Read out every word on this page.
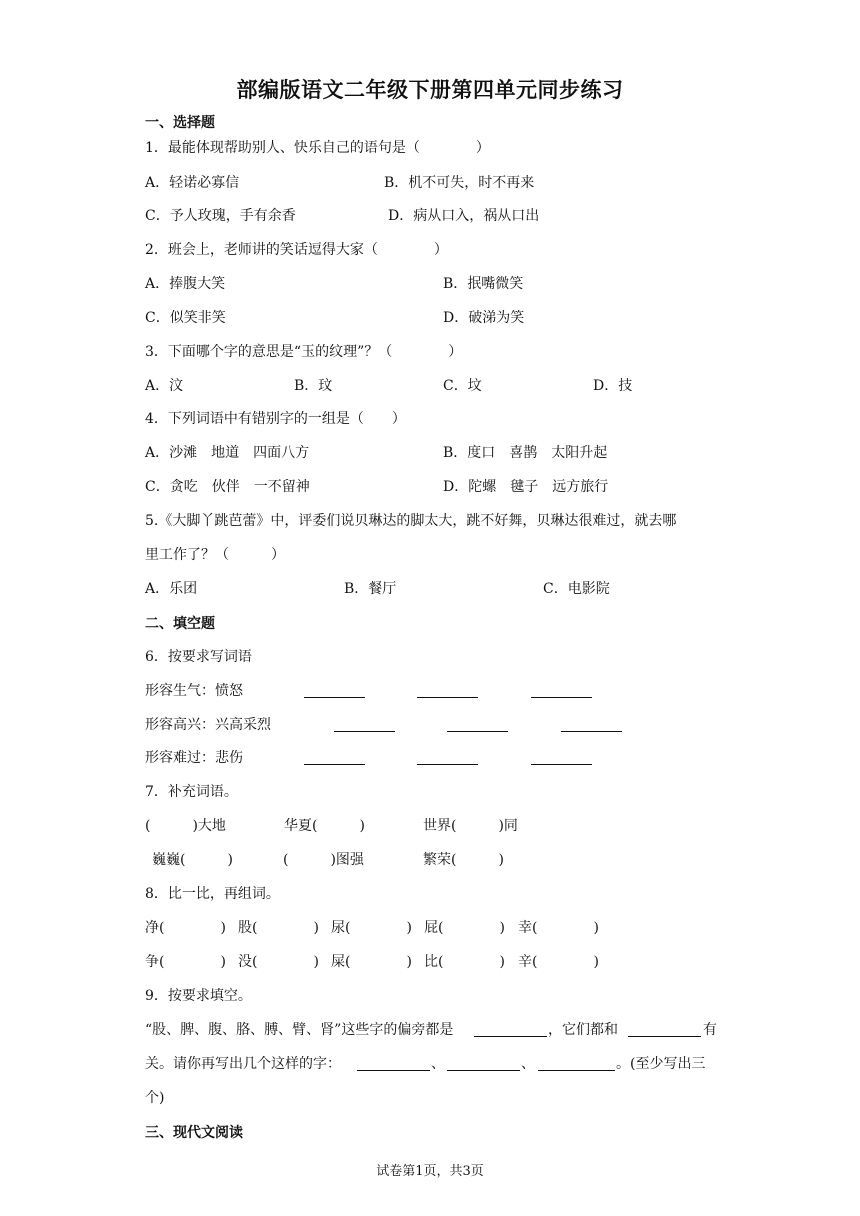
部编版语文二年级下册第四单元同步练习
一、选择题
1．最能体现帮助别人、快乐自己的语句是（　　　　）
A．轻诺必寡信	B．机不可失，时不再来
C．予人玫瑰，手有余香	D．病从口入，祸从口出
2．班会上，老师讲的笑话逗得大家（　　　　）
A．捧腹大笑	B．抿嘴微笑
C．似笑非笑	D．破涕为笑
3．下面哪个字的意思是“玉的纹理”？（　　　　）
A．汶	B．玟	C．坟	D．技
4．下列词语中有错别字的一组是（　　）
A．沙滩　地道　四面八方	B．度口　喜鹊　太阳升起
C．贪吃　伙伴　一不留神	D．陀螺　毽子　远方旅行
5.《大脚丫跳芭蕾》中，评委们说贝琳达的脚太大，跳不好舞，贝琳达很难过，就去哪
里工作了？（　　　）
A．乐团	B．餐厅	C．电影院
二、填空题
6．按要求写词语
形容生气：愤怒
形容高兴：兴高采烈
形容难过：悲伤
7．补充词语。
(　　　)大地	华夏(　　　)	世界(　　　)同
巍巍(　　　)	(　　　)图强	繁荣(　　　)
8．比一比，再组词。
净(　　　　) 股(　　　　) 尿(　　　　) 屁(　　　　) 幸(　　　　)
争(　　　　) 没(　　　　) 屎(　　　　) 比(　　　　) 辛(　　　　)
9．按要求填空。
“股、脾、腹、胳、膊、臂、肾”这些字的偏旁都是	，它们都和	有
关。请你再写出几个这样的字：	、	、	。(至少写出三
个)
三、现代文阅读
试卷第1页，共3页
